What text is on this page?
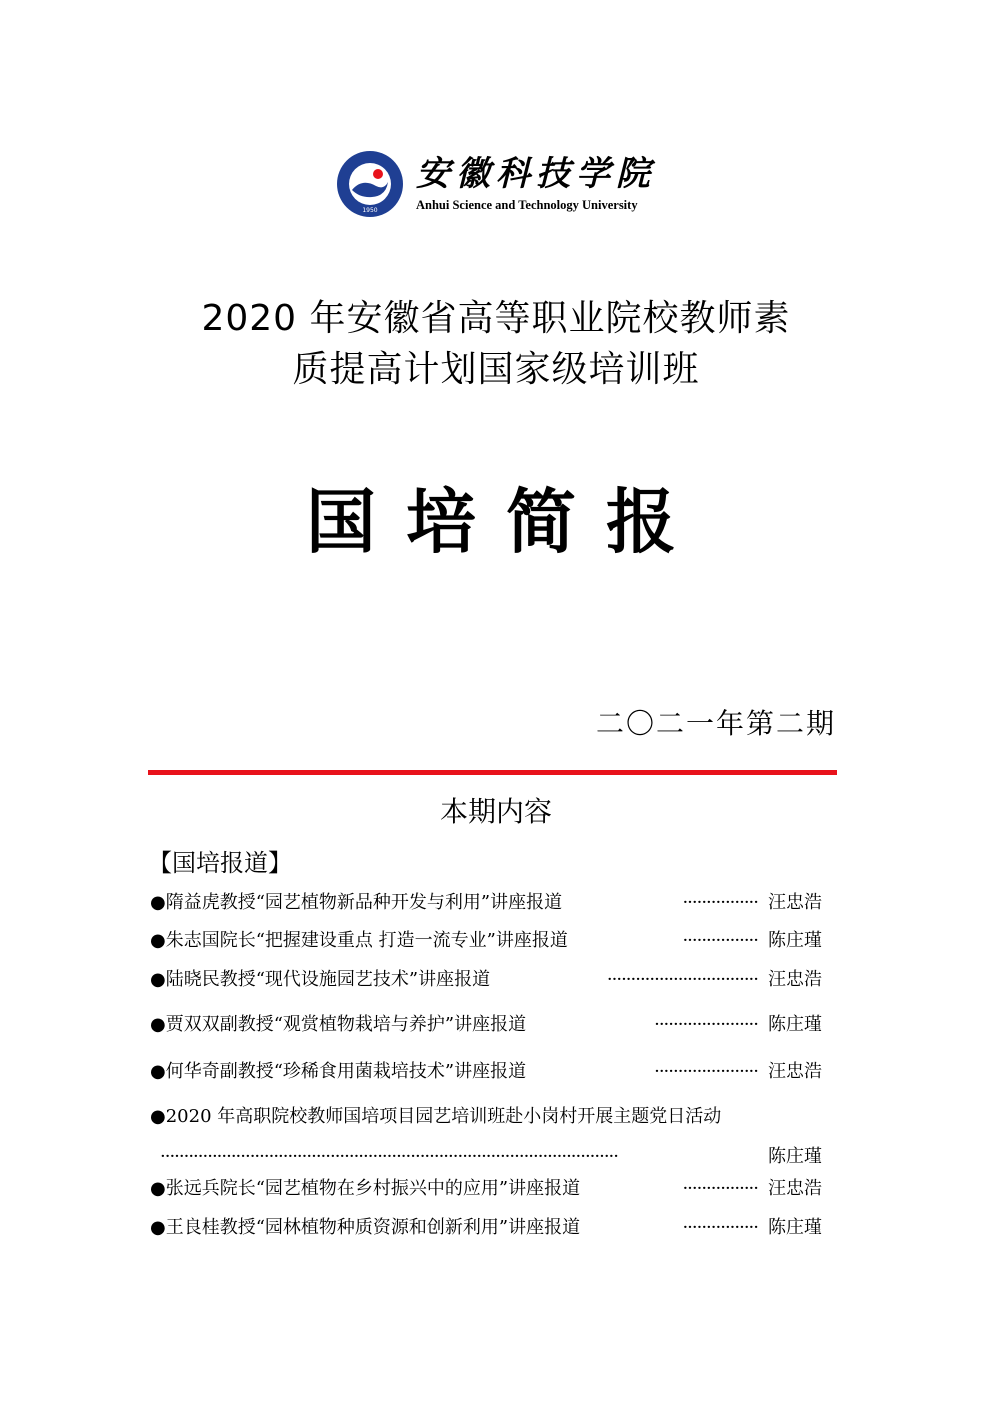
1950
安徽科技学院
Anhui Science and Technology University
2020 年安徽省高等职业院校教师素
质提高计划国家级培训班
国培简报
二〇二一年第二期
本期内容
【国培报道】
●隋益虎教授“园艺植物新品种开发与利用”讲座报道	················ 汪忠浩
●朱志国院长“把握建设重点 打造一流专业”讲座报道	················ 陈庄瑾
●陆晓民教授“现代设施园艺技术”讲座报道	································ 汪忠浩
●贾双双副教授“观赏植物栽培与养护”讲座报道	······················ 陈庄瑾
●何华奇副教授“珍稀食用菌栽培技术”讲座报道	······················ 汪忠浩
●2020 年高职院校教师国培项目园艺培训班赴小岗村开展主题党日活动
·································································································	陈庄瑾
●张远兵院长“园艺植物在乡村振兴中的应用”讲座报道	················ 汪忠浩
●王良桂教授“园林植物种质资源和创新利用”讲座报道	················ 陈庄瑾
